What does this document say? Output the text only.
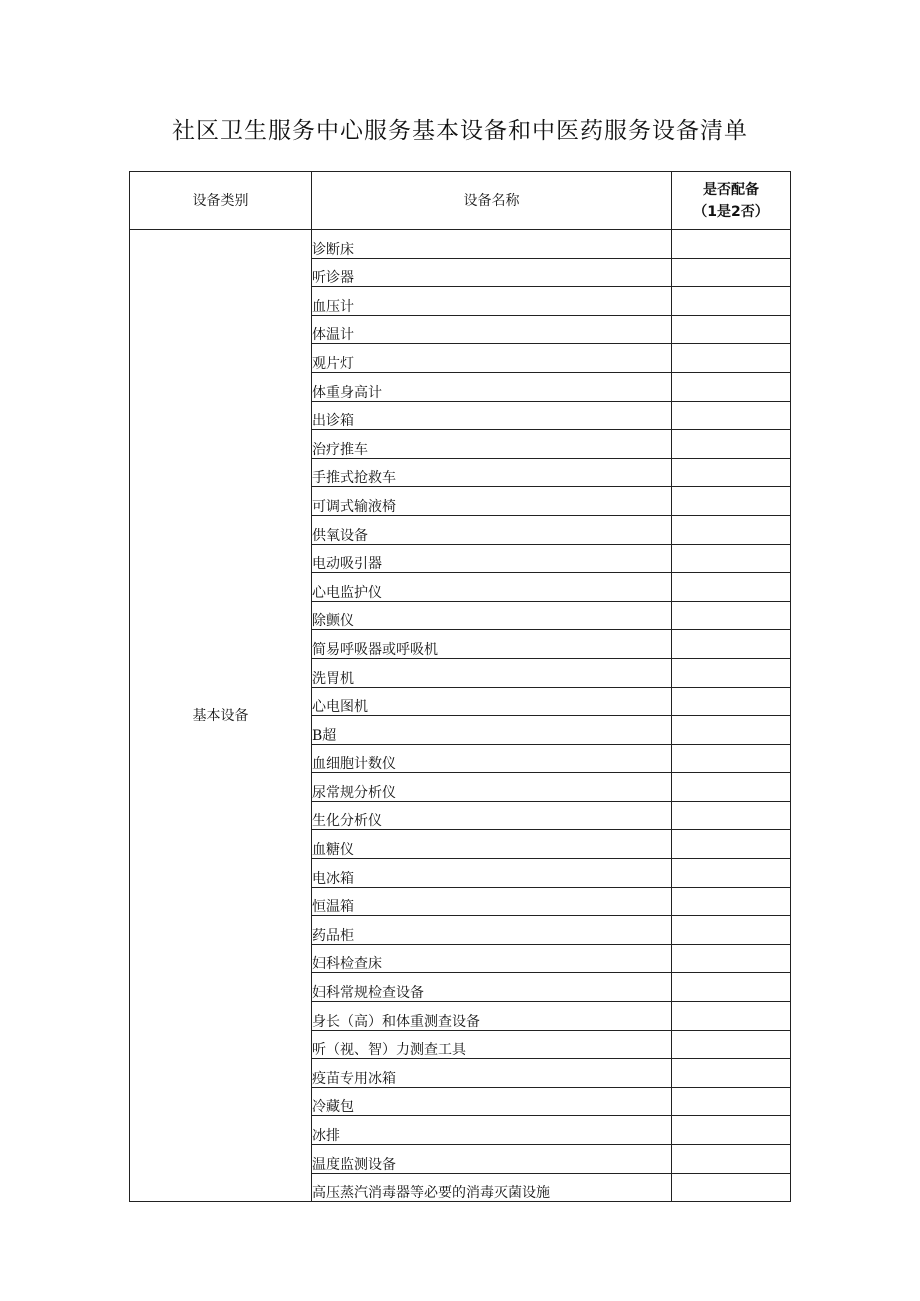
社区卫生服务中心服务基本设备和中医药服务设备清单
设备类别	设备名称	是否配备
（1是2否）

基本设备	诊断床	
	听诊器	
	血压计	
	体温计	
	观片灯	
	体重身高计	
	出诊箱	
	治疗推车	
	手推式抢救车	
	可调式输液椅	
	供氧设备	
	电动吸引器	
	心电监护仪	
	除颤仪	
	简易呼吸器或呼吸机	
	洗胃机	
	心电图机	
	B超	
	血细胞计数仪	
	尿常规分析仪	
	生化分析仪	
	血糖仪	
	电冰箱	
	恒温箱	
	药品柜	
	妇科检查床	
	妇科常规检查设备	
	身长（高）和体重测查设备	
	听（视、智）力测查工具	
	疫苗专用冰箱	
	冷藏包	
	冰排	
	温度监测设备	
	高压蒸汽消毒器等必要的消毒灭菌设施	
